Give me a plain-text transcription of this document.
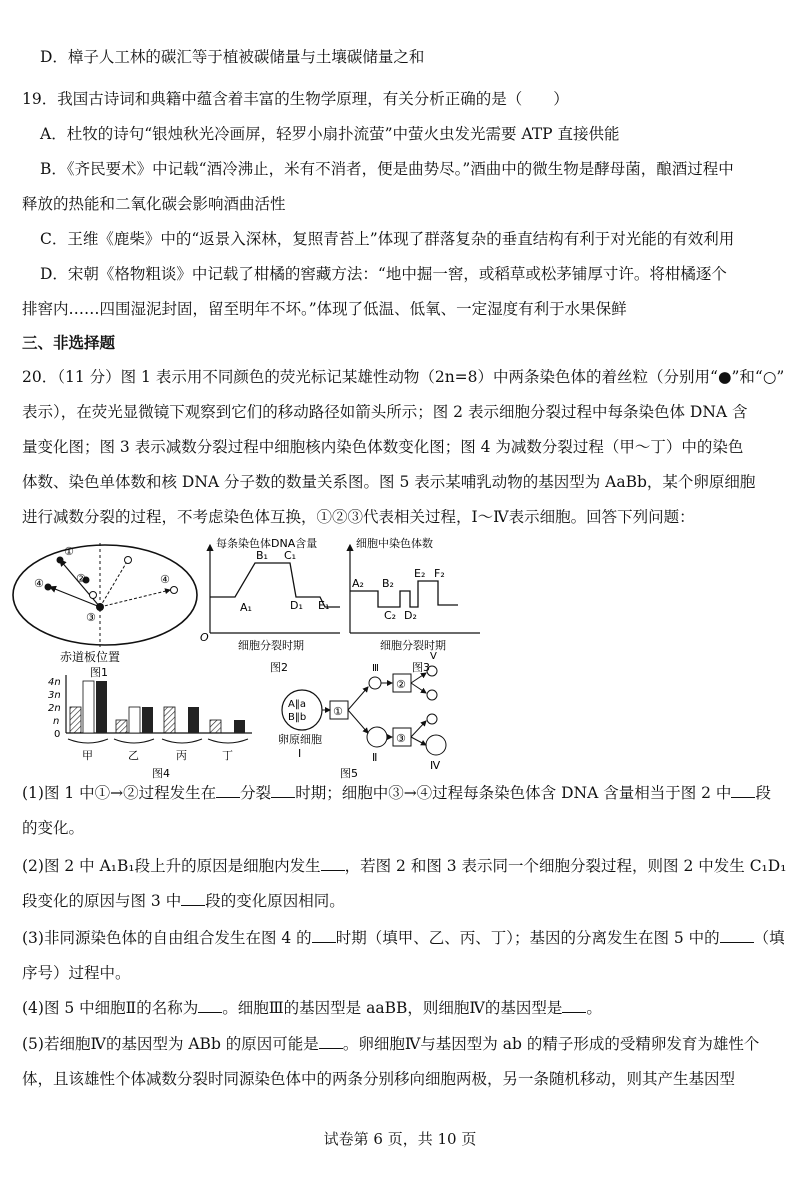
D．樟子人工林的碳汇等于植被碳储量与土壤碳储量之和
19．我国古诗词和典籍中蕴含着丰富的生物学原理，有关分析正确的是（　　）
A．杜牧的诗句“银烛秋光冷画屏，轻罗小扇扑流萤”中萤火虫发光需要 ATP 直接供能
B．《齐民要术》中记载“酒冷沸止，米有不消者，便是曲势尽。”酒曲中的微生物是酵母菌，酿酒过程中
释放的热能和二氧化碳会影响酒曲活性
C．王维《鹿柴》中的“返景入深林，复照青苔上”体现了群落复杂的垂直结构有利于对光能的有效利用
D．宋朝《格物粗谈》中记载了柑橘的窖藏方法：“地中掘一窖，或稻草或松茅铺厚寸许。将柑橘逐个
排窖内……四围湿泥封固，留至明年不坏。”体现了低温、低氧、一定湿度有利于水果保鲜
三、非选择题
20．（11 分）图 1 表示用不同颜色的荧光标记某雄性动物（2n=8）中两条染色体的着丝粒（分别用“●”和“○”
表示），在荧光显微镜下观察到它们的移动路径如箭头所示；图 2 表示细胞分裂过程中每条染色体 DNA 含
量变化图；图 3 表示减数分裂过程中细胞核内染色体数变化图；图 4 为减数分裂过程（甲～丁）中的染色
体数、染色单体数和核 DNA 分子数的数量关系图。图 5 表示某哺乳动物的基因型为 AaBb，某个卵原细胞
进行减数分裂的过程，不考虑染色体互换，①②③代表相关过程，Ⅰ～Ⅳ表示细胞。回答下列问题：
①
②
③
④	④
赤道板位置
图1
每条染色体DNA含量
O
A₁
B₁ C₁
D₁ E₁
细胞分裂时期
图2
细胞中染色体数
A₂ B₂
C₂ D₂
E₂ F₂
细胞分裂时期
图3
4n
3n
2n
n
0
甲	乙	丙	丁
图4
A‖a
B‖b
卵原细胞
Ⅰ
①
Ⅲ
Ⅱ
②
③
Ⅴ
Ⅳ
图5
(1)图 1 中①→②过程发生在 分裂 时期；细胞中③→④过程每条染色体含 DNA 含量相当于图 2 中 段
的变化。
(2)图 2 中 A₁B₁段上升的原因是细胞内发生 ，若图 2 和图 3 表示同一个细胞分裂过程，则图 2 中发生 C₁D₁
段变化的原因与图 3 中 段的变化原因相同。
(3)非同源染色体的自由组合发生在图 4 的 时期（填甲、乙、丙、丁）；基因的分离发生在图 5 中的 （填
序号）过程中。
(4)图 5 中细胞Ⅱ的名称为 。细胞Ⅲ的基因型是 aaBB，则细胞Ⅳ的基因型是 。
(5)若细胞Ⅳ的基因型为 ABb 的原因可能是 。卵细胞Ⅳ与基因型为 ab 的精子形成的受精卵发育为雄性个
体，且该雄性个体减数分裂时同源染色体中的两条分别移向细胞两极，另一条随机移动，则其产生基因型
试卷第 6 页，共 10 页
